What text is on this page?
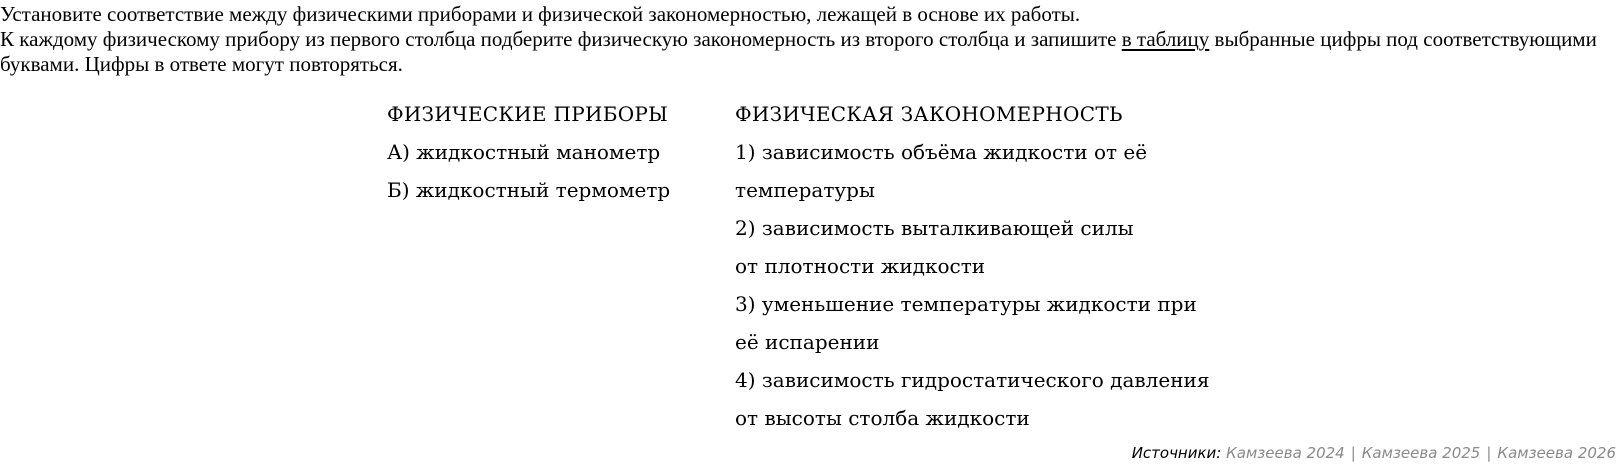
Установите соответствие между физическими приборами и физической закономерностью, лежащей в основе их работы.

К каждому физическому прибору из первого столбца подберите физическую закономерность из второго столбца и запишите в таблицу выбранные цифры под соответствующими буквами. Цифры в ответе могут повторяться.

ФИЗИЧЕСКИЕ ПРИБОРЫ
А) жидкостный манометр
Б) жидкостный термометр
ФИЗИЧЕСКАЯ ЗАКОНОМЕРНОСТЬ
1) зависимость объёма жидкости от её
температуры
2) зависимость выталкивающей силы
от плотности жидкости
3) уменьшение температуры жидкости при
её испарении
4) зависимость гидростатического давления
от высоты столба жидкости
Источники: Камзеева 2024 | Камзеева 2025 | Камзеева 2026
